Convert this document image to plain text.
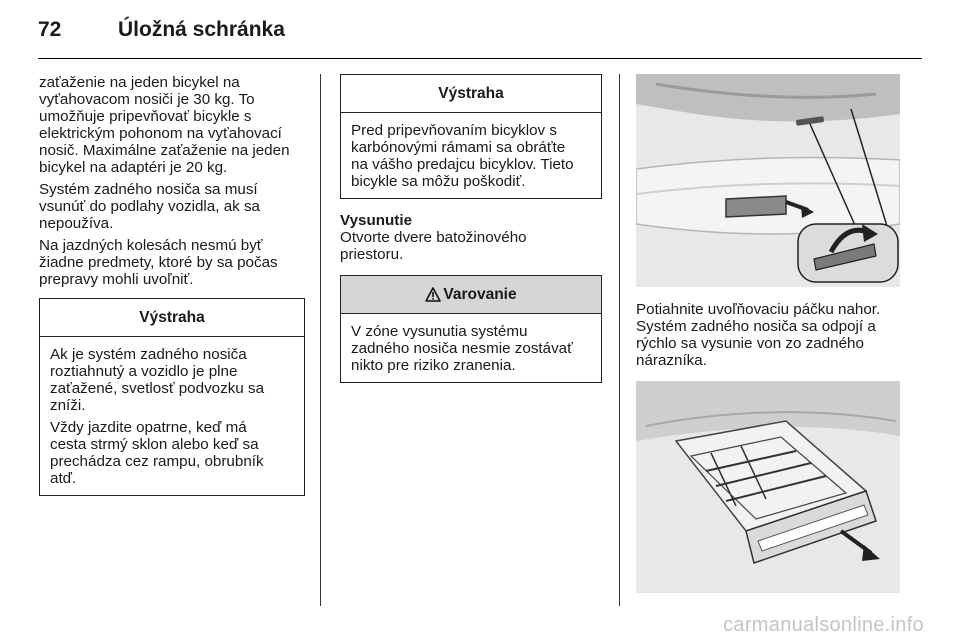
72	Úložná schránka

zaťaženie na jeden bicykel na
vyťahovacom nosiči je 30 kg. To
umožňuje pripevňovať bicykle s
elektrickým pohonom na vyťahovací
nosič. Maximálne zaťaženie na jeden
bicykel na adaptéri je 20 kg.

Systém zadného nosiča sa musí
vsunúť do podlahy vozidla, ak sa
nepoužíva.

Na jazdných kolesách nesmú byť
žiadne predmety, ktoré by sa počas
prepravy mohli uvoľniť.

Výstraha

Ak je systém zadného nosiča
roztiahnutý a vozidlo je plne
zaťažené, svetlosť podvozku sa
zníži.

Vždy jazdite opatrne, keď má
cesta strmý sklon alebo keď sa
prechádza cez rampu, obrubník
atď.

Výstraha

Pred pripevňovaním bicyklov s
karbónovými rámami sa obráťte
na vášho predajcu bicyklov. Tieto
bicykle sa môžu poškodiť.

Vysunutie

Otvorte dvere batožinového
priestoru.

Varovanie

V zóne vysunutia systému
zadného nosiča nesmie zostávať
nikto pre riziko zranenia.

Potiahnite uvoľňovaciu páčku nahor.
Systém zadného nosiča sa odpojí a
rýchlo sa vysunie von zo zadného
nárazníka.

carmanualsonline.info
